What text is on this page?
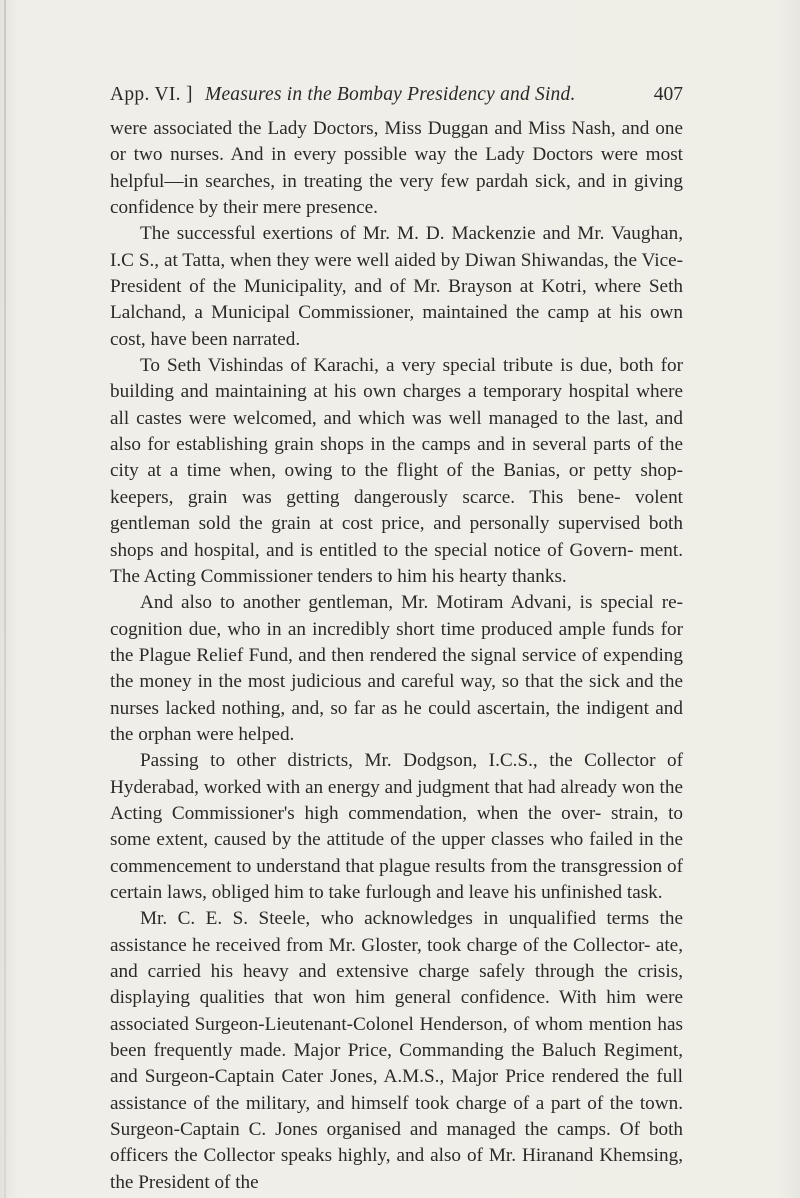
App. VI. ] Measures in the Bombay Presidency and Sind.	407

were associated the Lady Doctors, Miss Duggan and Miss Nash, and one or two nurses. And in every possible way the Lady Doctors were most helpful—in searches, in treating the very few pardah sick, and in giving confidence by their mere presence.

The successful exertions of Mr. M. D. Mackenzie and Mr. Vaughan, I.C S., at Tatta, when they were well aided by Diwan Shiwandas, the Vice-President of the Municipality, and of Mr. Brayson at Kotri, where Seth Lalchand, a Municipal Commissioner, maintained the camp at his own cost, have been narrated.

To Seth Vishindas of Karachi, a very special tribute is due, both for building and maintaining at his own charges a temporary hospital where all castes were welcomed, and which was well managed to the last, and also for establishing grain shops in the camps and in several parts of the city at a time when, owing to the flight of the Banias, or petty shop-keepers, grain was getting dangerously scarce. This bene- volent gentleman sold the grain at cost price, and personally supervised both shops and hospital, and is entitled to the special notice of Govern- ment. The Acting Commissioner tenders to him his hearty thanks.

And also to another gentleman, Mr. Motiram Advani, is special re- cognition due, who in an incredibly short time produced ample funds for the Plague Relief Fund, and then rendered the signal service of expending the money in the most judicious and careful way, so that the sick and the nurses lacked nothing, and, so far as he could ascertain, the indigent and the orphan were helped.

Passing to other districts, Mr. Dodgson, I.C.S., the Collector of Hyderabad, worked with an energy and judgment that had already won the Acting Commissioner's high commendation, when the over- strain, to some extent, caused by the attitude of the upper classes who failed in the commencement to understand that plague results from the transgression of certain laws, obliged him to take furlough and leave his unfinished task.

Mr. C. E. S. Steele, who acknowledges in unqualified terms the assistance he received from Mr. Gloster, took charge of the Collector- ate, and carried his heavy and extensive charge safely through the crisis, displaying qualities that won him general confidence. With him were associated Surgeon-Lieutenant-Colonel Henderson, of whom mention has been frequently made. Major Price, Commanding the Baluch Regiment, and Surgeon-Captain Cater Jones, A.M.S., Major Price rendered the full assistance of the military, and himself took charge of a part of the town. Surgeon-Captain C. Jones organised and managed the camps. Of both officers the Collector speaks highly, and also of Mr. Hiranand Khemsing, the President of the
